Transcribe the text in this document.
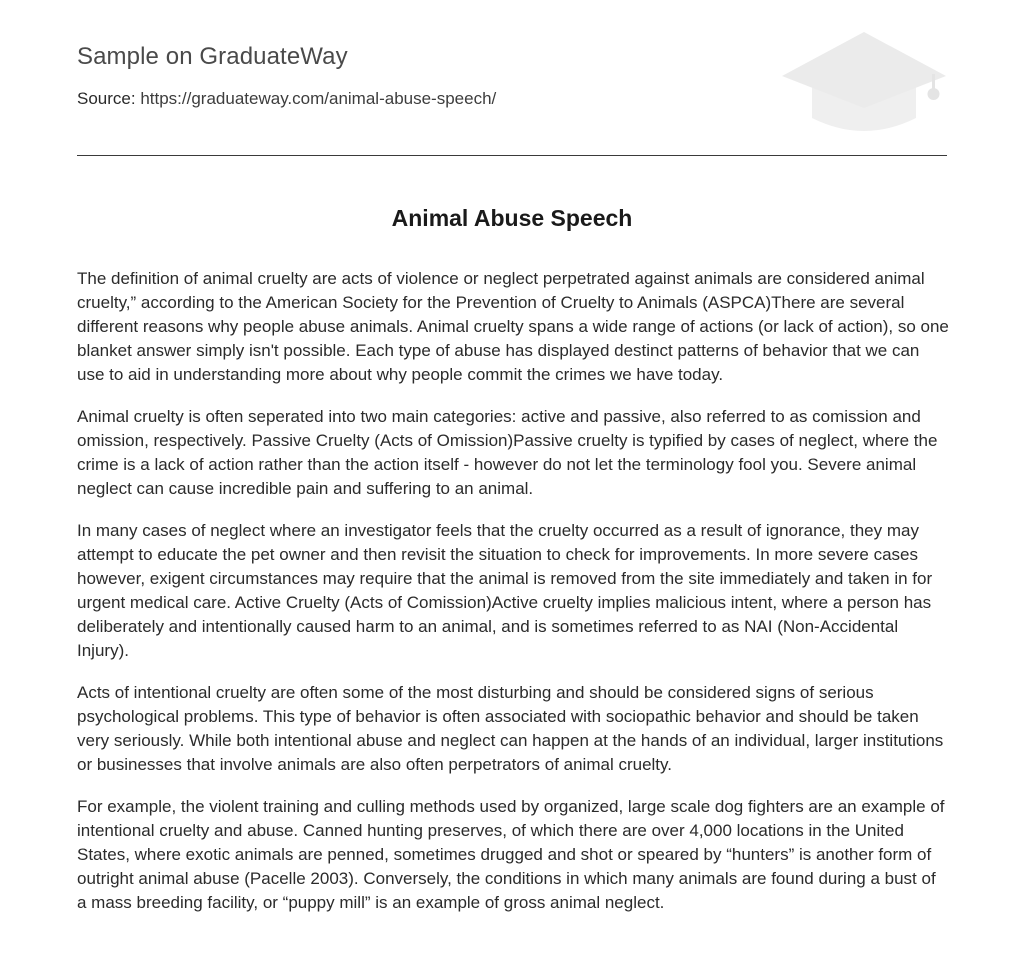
Sample on GraduateWay
Source: https://graduateway.com/animal-abuse-speech/
Animal Abuse Speech

The definition of animal cruelty are acts of violence or neglect perpetrated against animals are considered animal cruelty,” according to the American Society for the Prevention of Cruelty to Animals (ASPCA)There are several different reasons why people abuse animals. Animal cruelty spans a wide range of actions (or lack of action), so one blanket answer simply isn't possible. Each type of abuse has displayed destinct patterns of behavior that we can use to aid in understanding more about why people commit the crimes we have today.

Animal cruelty is often seperated into two main categories: active and passive, also referred to as comission and omission, respectively. Passive Cruelty (Acts of Omission)Passive cruelty is typified by cases of neglect, where the crime is a lack of action rather than the action itself - however do not let the terminology fool you. Severe animal neglect can cause incredible pain and suffering to an animal.

In many cases of neglect where an investigator feels that the cruelty occurred as a result of ignorance, they may attempt to educate the pet owner and then revisit the situation to check for improvements. In more severe cases however, exigent circumstances may require that the animal is removed from the site immediately and taken in for urgent medical care. Active Cruelty (Acts of Comission)Active cruelty implies malicious intent, where a person has deliberately and intentionally caused harm to an animal, and is sometimes referred to as NAI (Non-Accidental Injury).

Acts of intentional cruelty are often some of the most disturbing and should be considered signs of serious psychological problems. This type of behavior is often associated with sociopathic behavior and should be taken very seriously. While both intentional abuse and neglect can happen at the hands of an individual, larger institutions or businesses that involve animals are also often perpetrators of animal cruelty.

For example, the violent training and culling methods used by organized, large scale dog fighters are an example of intentional cruelty and abuse. Canned hunting preserves, of which there are over 4,000 locations in the United States, where exotic animals are penned, sometimes drugged and shot or speared by “hunters” is another form of outright animal abuse (Pacelle 2003). Conversely, the conditions in which many animals are found during a bust of a mass breeding facility, or “puppy mill” is an example of gross animal neglect.
